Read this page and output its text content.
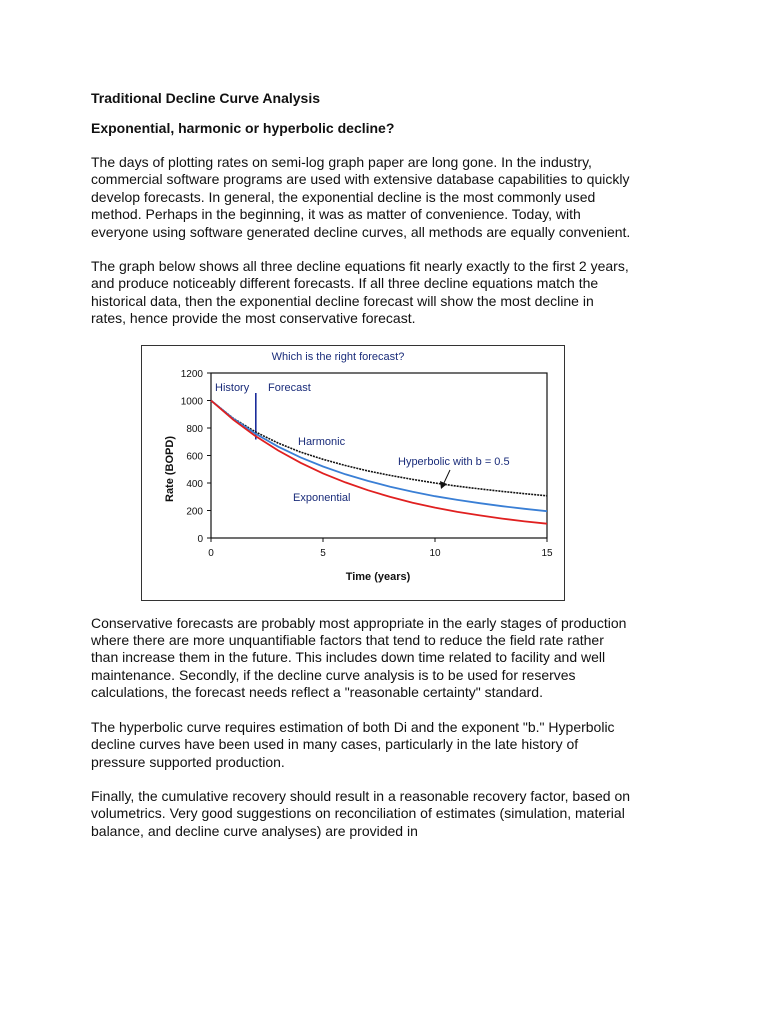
Traditional Decline Curve Analysis
Exponential, harmonic or hyperbolic decline?

The days of plotting rates on semi-log graph paper are long gone. In the industry, commercial software programs are used with extensive database capabilities to quickly develop forecasts. In general, the exponential decline is the most commonly used method. Perhaps in the beginning, it was as matter of convenience. Today, with everyone using software generated decline curves, all methods are equally convenient.

The graph below shows all three decline equations fit nearly exactly to the first 2 years, and produce noticeably different forecasts. If all three decline equations match the historical data, then the exponential decline forecast will show the most decline in rates, hence provide the most conservative forecast.

Which is the right forecast?
Rate (BOPD)
Time (years)
History Forecast
Harmonic
Hyperbolic with b = 0.5
Exponential
0
200
400
600
800
1000
1200
0	5	10	15

Conservative forecasts are probably most appropriate in the early stages of production where there are more unquantifiable factors that tend to reduce the field rate rather than increase them in the future. This includes down time related to facility and well maintenance. Secondly, if the decline curve analysis is to be used for reserves calculations, the forecast needs reflect a "reasonable certainty" standard.

The hyperbolic curve requires estimation of both Di and the exponent "b." Hyperbolic decline curves have been used in many cases, particularly in the late history of pressure supported production.

Finally, the cumulative recovery should result in a reasonable recovery factor, based on volumetrics. Very good suggestions on reconciliation of estimates (simulation, material balance, and decline curve analyses) are provided in
